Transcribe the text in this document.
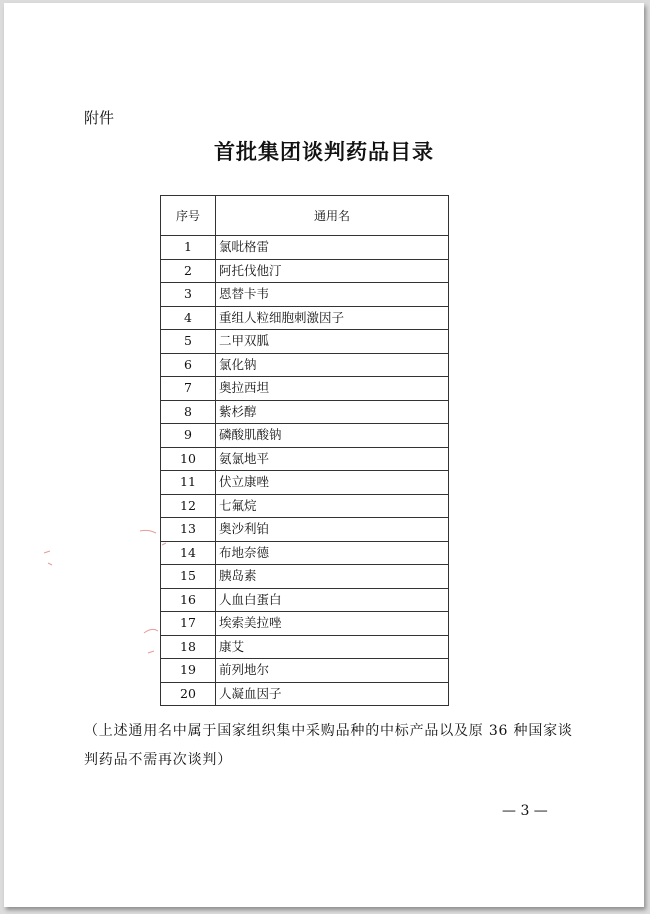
附件
首批集团谈判药品目录
序号	通用名
1	氯吡格雷
2	阿托伐他汀
3	恩替卡韦
4	重组人粒细胞刺激因子
5	二甲双胍
6	氯化钠
7	奥拉西坦
8	紫杉醇
9	磷酸肌酸钠
10	氨氯地平
11	伏立康唑
12	七氟烷
13	奥沙利铂
14	布地奈德
15	胰岛素
16	人血白蛋白
17	埃索美拉唑
18	康艾
19	前列地尔
20	人凝血因子
（上述通用名中属于国家组织集中采购品种的中标产品以及原 36 种国家谈
判药品不需再次谈判）
— 3 —
